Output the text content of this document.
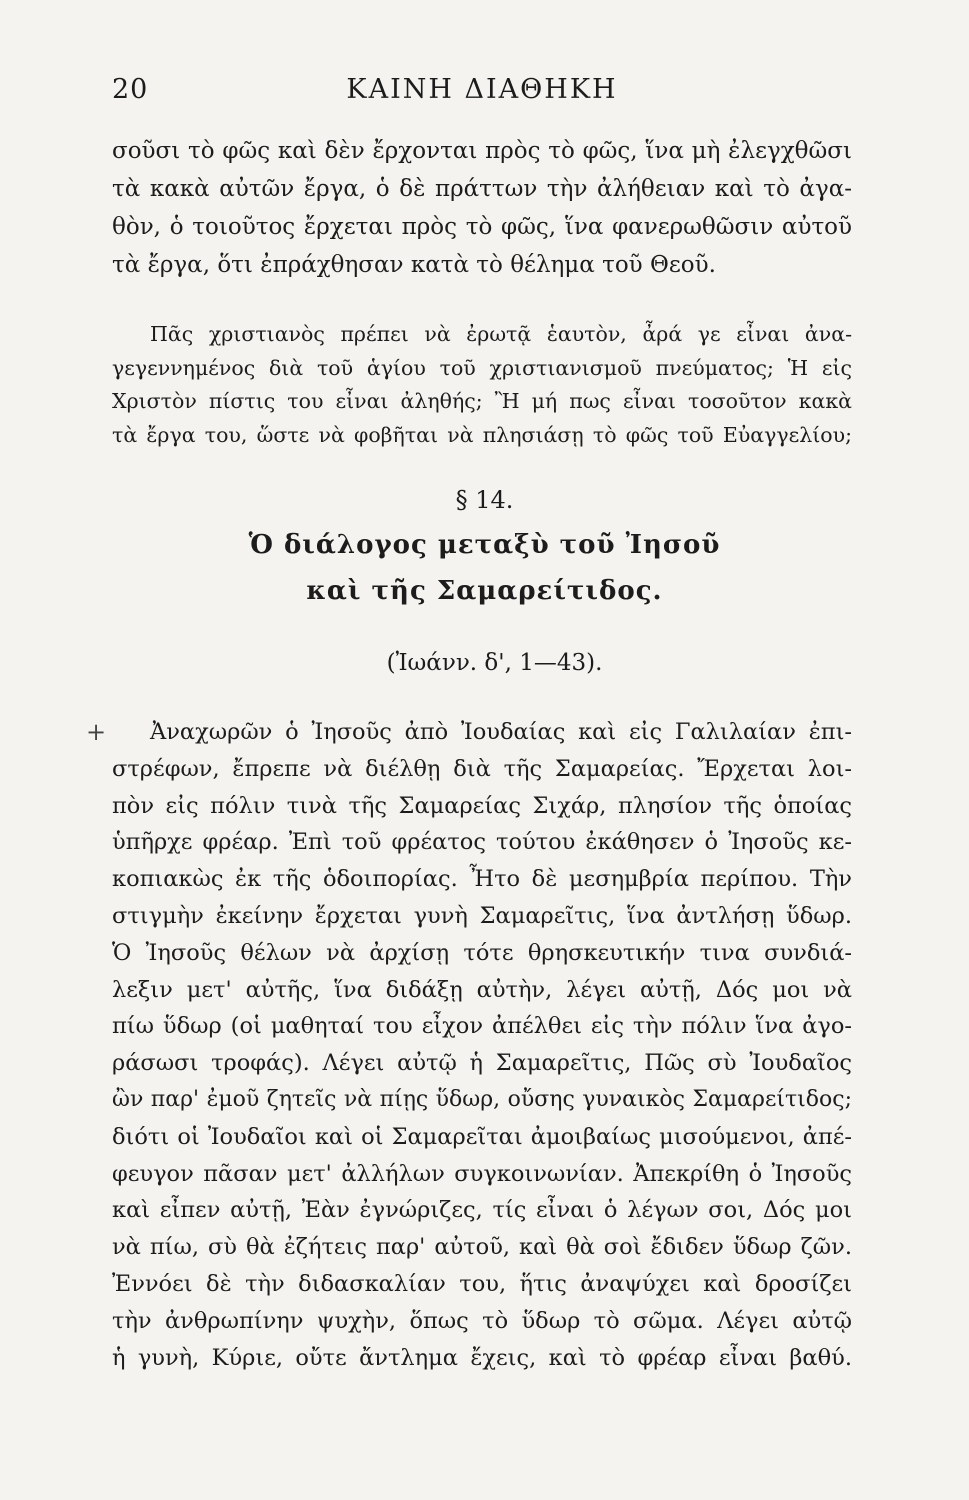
20	ΚΑΙΝΗ ΔΙΑΘΗΚΗ
σοῦσι τὸ φῶς καὶ δὲν ἔρχονται πρὸς τὸ φῶς, ἵνα μὴ ἐλεγχθῶσι
τὰ κακὰ αὐτῶν ἔργα, ὁ δὲ πράττων τὴν ἀλήθειαν καὶ τὸ ἀγα-
θὸν, ὁ τοιοῦτος ἔρχεται πρὸς τὸ φῶς, ἵνα φανερωθῶσιν αὐτοῦ
τὰ ἔργα, ὅτι ἐπράχθησαν κατὰ τὸ θέλημα τοῦ Θεοῦ.
Πᾶς χριστιανὸς πρέπει νὰ ἐρωτᾷ ἑαυτὸν, ἆρά γε εἶναι ἀνα-
γεγεννημένος διὰ τοῦ ἁγίου τοῦ χριστιανισμοῦ πνεύματος; Ἡ εἰς
Χριστὸν πίστις του εἶναι ἀληθής; Ἢ μή πως εἶναι τοσοῦτον κακὰ
τὰ ἔργα του, ὥστε νὰ φοβῆται νὰ πλησιάσῃ τὸ φῶς τοῦ Εὐαγγελίου;
§ 14.
Ὁ διάλογος μεταξὺ τοῦ Ἰησοῦ
καὶ τῆς Σαμαρείτιδος.
(Ἰωάνν. δ', 1—43).
+	Ἀναχωρῶν ὁ Ἰησοῦς ἀπὸ Ἰουδαίας καὶ εἰς Γαλιλαίαν ἐπι-
στρέφων, ἔπρεπε νὰ διέλθῃ διὰ τῆς Σαμαρείας. Ἔρχεται λοι-
πὸν εἰς πόλιν τινὰ τῆς Σαμαρείας Σιχάρ, πλησίον τῆς ὁποίας
ὑπῆρχε φρέαρ. Ἐπὶ τοῦ φρέατος τούτου ἐκάθησεν ὁ Ἰησοῦς κε-
κοπιακὼς ἐκ τῆς ὁδοιπορίας. Ἦτο δὲ μεσημβρία περίπου. Τὴν
στιγμὴν ἐκείνην ἔρχεται γυνὴ Σαμαρεῖτις, ἵνα ἀντλήσῃ ὕδωρ.
Ὁ Ἰησοῦς θέλων νὰ ἀρχίσῃ τότε θρησκευτικήν τινα συνδιά-
λεξιν μετ' αὐτῆς, ἵνα διδάξῃ αὐτὴν, λέγει αὐτῇ, Δός μοι νὰ
πίω ὕδωρ (οἱ μαθηταί του εἶχον ἀπέλθει εἰς τὴν πόλιν ἵνα ἀγο-
ράσωσι τροφάς). Λέγει αὐτῷ ἡ Σαμαρεῖτις, Πῶς σὺ Ἰουδαῖος
ὢν παρ' ἐμοῦ ζητεῖς νὰ πίῃς ὕδωρ, οὔσης γυναικὸς Σαμαρείτιδος;
διότι οἱ Ἰουδαῖοι καὶ οἱ Σαμαρεῖται ἀμοιβαίως μισούμενοι, ἀπέ-
φευγον πᾶσαν μετ' ἀλλήλων συγκοινωνίαν. Ἀπεκρίθη ὁ Ἰησοῦς
καὶ εἶπεν αὐτῇ, Ἐὰν ἐγνώριζες, τίς εἶναι ὁ λέγων σοι, Δός μοι
νὰ πίω, σὺ θὰ ἐζήτεις παρ' αὐτοῦ, καὶ θὰ σοὶ ἔδιδεν ὕδωρ ζῶν.
Ἐννόει δὲ τὴν διδασκαλίαν του, ἥτις ἀναψύχει καὶ δροσίζει
τὴν ἀνθρωπίνην ψυχὴν, ὅπως τὸ ὕδωρ τὸ σῶμα. Λέγει αὐτῷ
ἡ γυνὴ, Κύριε, οὔτε ἄντλημα ἔχεις, καὶ τὸ φρέαρ εἶναι βαθύ.
